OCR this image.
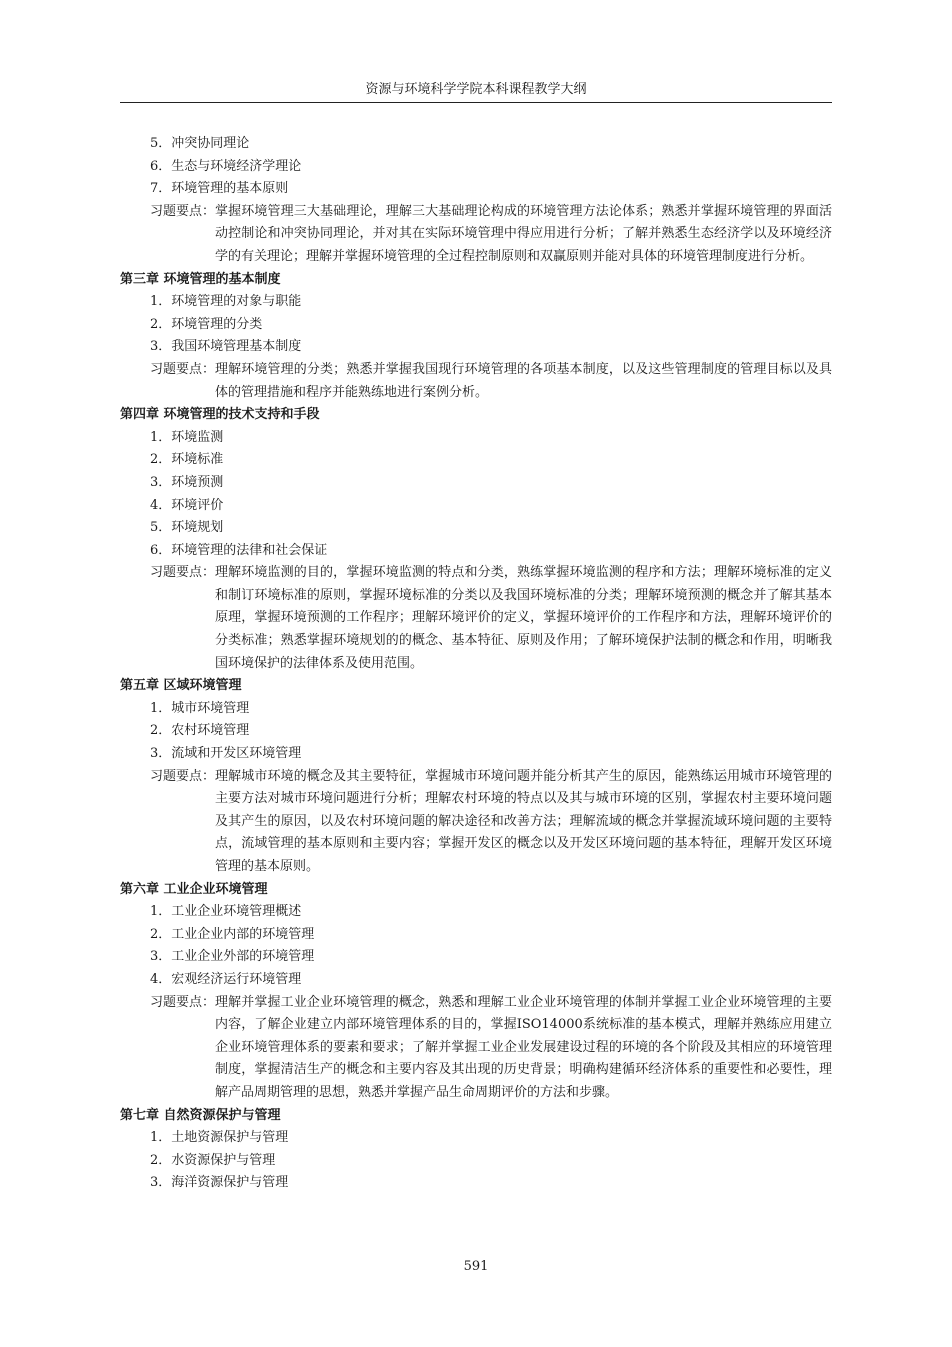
资源与环境科学学院本科课程教学大纲
5．冲突协同理论
6．生态与环境经济学理论
7．环境管理的基本原则
习题要点： 掌握环境管理三大基础理论，理解三大基础理论构成的环境管理方法论体系；熟悉并掌握环境管理的界面活动控制论和冲突协同理论，并对其在实际环境管理中得应用进行分析；了解并熟悉生态经济学以及环境经济学的有关理论；理解并掌握环境管理的全过程控制原则和双赢原则并能对具体的环境管理制度进行分析。
第三章 环境管理的基本制度
1．环境管理的对象与职能
2．环境管理的分类
3．我国环境管理基本制度
习题要点： 理解环境管理的分类；熟悉并掌握我国现行环境管理的各项基本制度，以及这些管理制度的管理目标以及具体的管理措施和程序并能熟练地进行案例分析。
第四章 环境管理的技术支持和手段
1．环境监测
2．环境标准
3．环境预测
4．环境评价
5．环境规划
6．环境管理的法律和社会保证
习题要点： 理解环境监测的目的，掌握环境监测的特点和分类，熟练掌握环境监测的程序和方法；理解环境标准的定义和制订环境标准的原则，掌握环境标准的分类以及我国环境标准的分类；理解环境预测的概念并了解其基本原理，掌握环境预测的工作程序；理解环境评价的定义，掌握环境评价的工作程序和方法，理解环境评价的分类标准；熟悉掌握环境规划的的概念、基本特征、原则及作用；了解环境保护法制的概念和作用，明晰我国环境保护的法律体系及使用范围。
第五章 区域环境管理
1．城市环境管理
2．农村环境管理
3．流域和开发区环境管理
习题要点： 理解城市环境的概念及其主要特征，掌握城市环境问题并能分析其产生的原因，能熟练运用城市环境管理的主要方法对城市环境问题进行分析；理解农村环境的特点以及其与城市环境的区别，掌握农村主要环境问题及其产生的原因，以及农村环境问题的解决途径和改善方法；理解流域的概念并掌握流域环境问题的主要特点，流域管理的基本原则和主要内容；掌握开发区的概念以及开发区环境问题的基本特征，理解开发区环境管理的基本原则。
第六章 工业企业环境管理
1．工业企业环境管理概述
2．工业企业内部的环境管理
3．工业企业外部的环境管理
4．宏观经济运行环境管理
习题要点： 理解并掌握工业企业环境管理的概念，熟悉和理解工业企业环境管理的体制并掌握工业企业环境管理的主要内容，了解企业建立内部环境管理体系的目的，掌握ISO14000系统标准的基本模式，理解并熟练应用建立企业环境管理体系的要素和要求；了解并掌握工业企业发展建设过程的环境的各个阶段及其相应的环境管理制度，掌握清洁生产的概念和主要内容及其出现的历史背景；明确构建循环经济体系的重要性和必要性，理解产品周期管理的思想，熟悉并掌握产品生命周期评价的方法和步骤。
第七章 自然资源保护与管理
1．土地资源保护与管理
2．水资源保护与管理
3．海洋资源保护与管理
591
